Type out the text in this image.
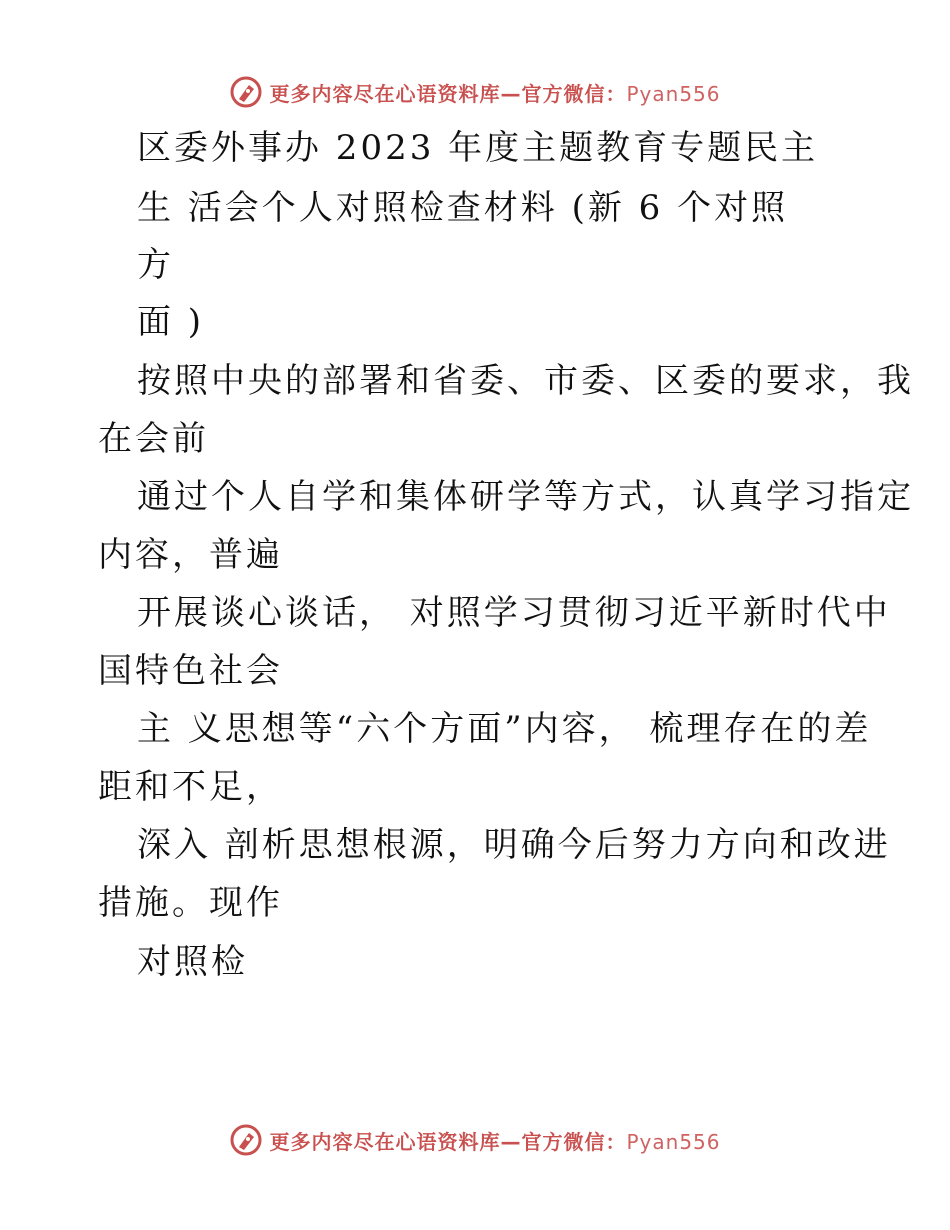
更多内容尽在心语资料库—官方微信：Pyan556
区委外事办 2023 年度主题教育专题民主
生 活会个人对照检查材料 (新 6 个对照
方
面 )
按照中央的部署和省委、市委、区委的要求，我
在会前
通过个人自学和集体研学等方式，认真学习指定
内容，普遍
开展谈心谈话， 对照学习贯彻习近平新时代中
国特色社会
主 义思想等“六个方面”内容， 梳理存在的差
距和不足，
深入 剖析思想根源，明确今后努力方向和改进
措施。现作
对照检
更多内容尽在心语资料库—官方微信：Pyan556
